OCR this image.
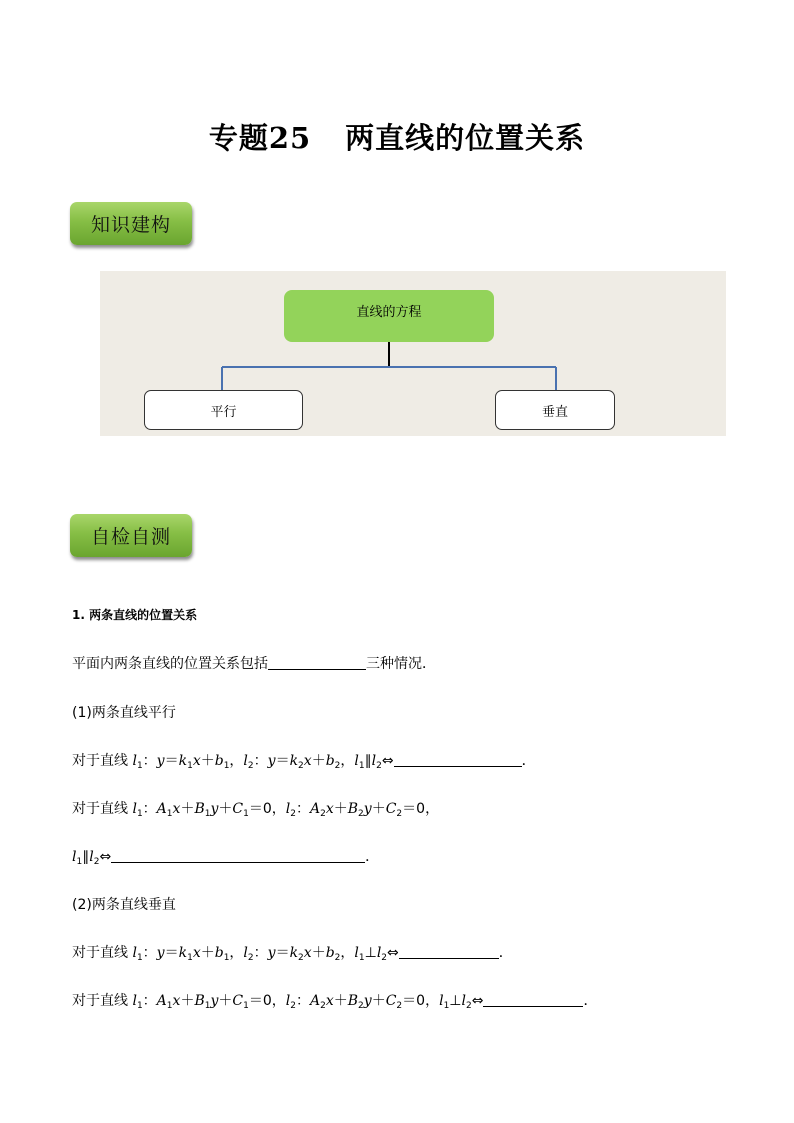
专题25 两直线的位置关系
知识建构
直线的方程
平行	垂直
自检自测
1. 两条直线的位置关系
平面内两条直线的位置关系包括	三种情况．
(1)两条直线平行
对于直线 $l_1$：$y=k_1x+b_1$，$l_2$：$y=k_2x+b_2$，$l_1\parallel l_2\Leftrightarrow$	．
对于直线 $l_1$：$A_1x+B_1y+C_1=0$，$l_2$：$A_2x+B_2y+C_2=0$，
$l_1\parallel l_2\Leftrightarrow$	．
(2)两条直线垂直
对于直线 $l_1$：$y=k_1x+b_1$，$l_2$：$y=k_2x+b_2$，$l_1\perp l_2\Leftrightarrow$	．
对于直线 $l_1$：$A_1x+B_1y+C_1=0$，$l_2$：$A_2x+B_2y+C_2=0$，$l_1\perp l_2\Leftrightarrow$	．
